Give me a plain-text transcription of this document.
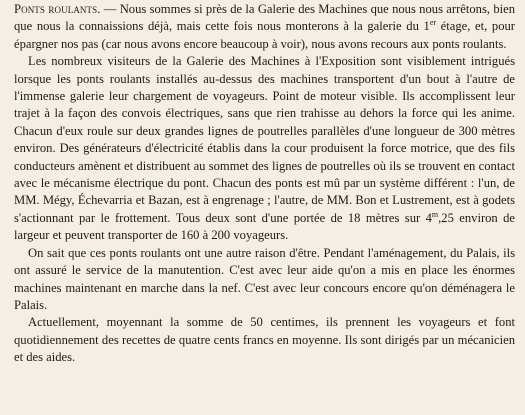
Ponts roulants. — Nous sommes si près de la Galerie des Machines que nous nous arrêtons, bien que nous la connaissions déjà, mais cette fois nous monterons à la galerie du 1er étage, et, pour épargner nos pas (car nous avons encore beaucoup à voir), nous avons recours aux ponts roulants.

Les nombreux visiteurs de la Galerie des Machines à l'Exposition sont visiblement intrigués lorsque les ponts roulants installés au-dessus des machines transportent d'un bout à l'autre de l'immense galerie leur chargement de voyageurs. Point de moteur visible. Ils accomplissent leur trajet à la façon des convois électriques, sans que rien trahisse au dehors la force qui les anime. Chacun d'eux roule sur deux grandes lignes de poutrelles parallèles d'une longueur de 300 mètres environ. Des générateurs d'électricité établis dans la cour produisent la force motrice, que des fils conducteurs amènent et distribuent au sommet des lignes de poutrelles où ils se trouvent en contact avec le mécanisme électrique du pont. Chacun des ponts est mû par un système différent : l'un, de MM. Mégy, Échevarria et Bazan, est à engrenage ; l'autre, de MM. Bon et Lustrement, est à godets s'actionnant par le frottement. Tous deux sont d'une portée de 18 mètres sur 4$^m$,25 environ de largeur et peuvent transporter de 160 à 200 voyageurs.

On sait que ces ponts roulants ont une autre raison d'être. Pendant l'aménagement, du Palais, ils ont assuré le service de la manutention. C'est avec leur aide qu'on a mis en place les énormes machines maintenant en marche dans la nef. C'est avec leur concours encore qu'on déménagera le Palais.

Actuellement, moyennant la somme de 50 centimes, ils prennent les voyageurs et font quotidiennement des recettes de quatre cents francs en moyenne. Ils sont dirigés par un mécanicien et des aides.
